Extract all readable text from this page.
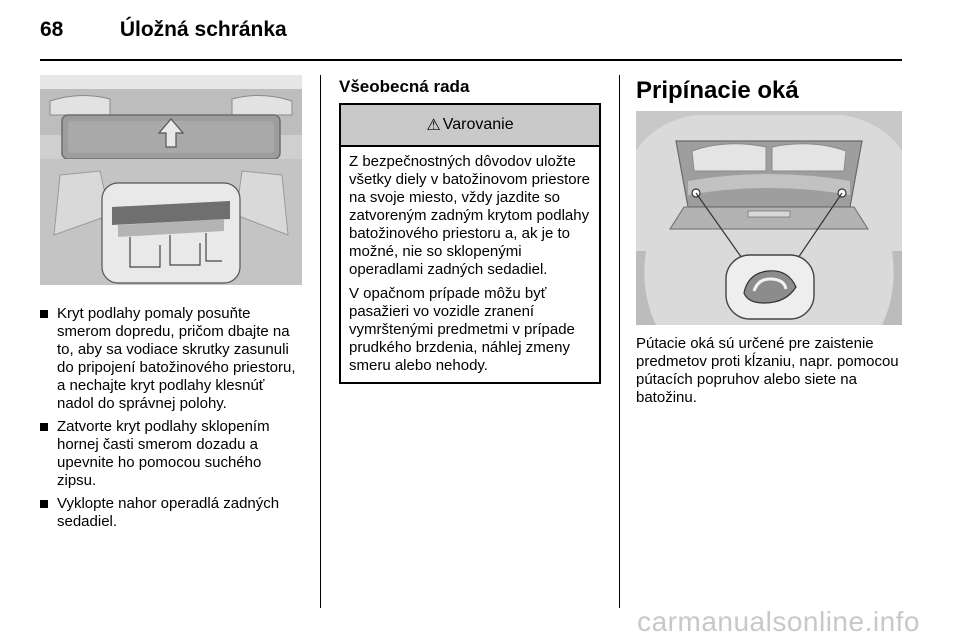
68	Úložná schránka
Kryt podlahy pomaly posuňte smerom dopredu, pričom dbajte na to, aby sa vodiace skrutky zasunuli do pripojení batožinového priestoru, a nechajte kryt podlahy klesnúť nadol do správnej polohy.
Zatvorte kryt podlahy sklopením hornej časti smerom dozadu a upevnite ho pomocou suchého zipsu.
Vyklopte nahor operadlá zadných sedadiel.
Všeobecná rada
⚠ Varovanie

Z bezpečnostných dôvodov uložte všetky diely v batožinovom priestore na svoje miesto, vždy jazdite so zatvoreným zadným krytom podlahy batožinového priestoru a, ak je to možné, nie so sklopenými operadlami zadných sedadiel.

V opačnom prípade môžu byť pasažieri vo vozidle zranení vymrštenými predmetmi v prípade prudkého brzdenia, náhlej zmeny smeru alebo nehody.

Pripínacie oká

Pútacie oká sú určené pre zaistenie predmetov proti kĺzaniu, napr. pomocou pútacích popruhov alebo siete na batožinu.

carmanualsonline.info
